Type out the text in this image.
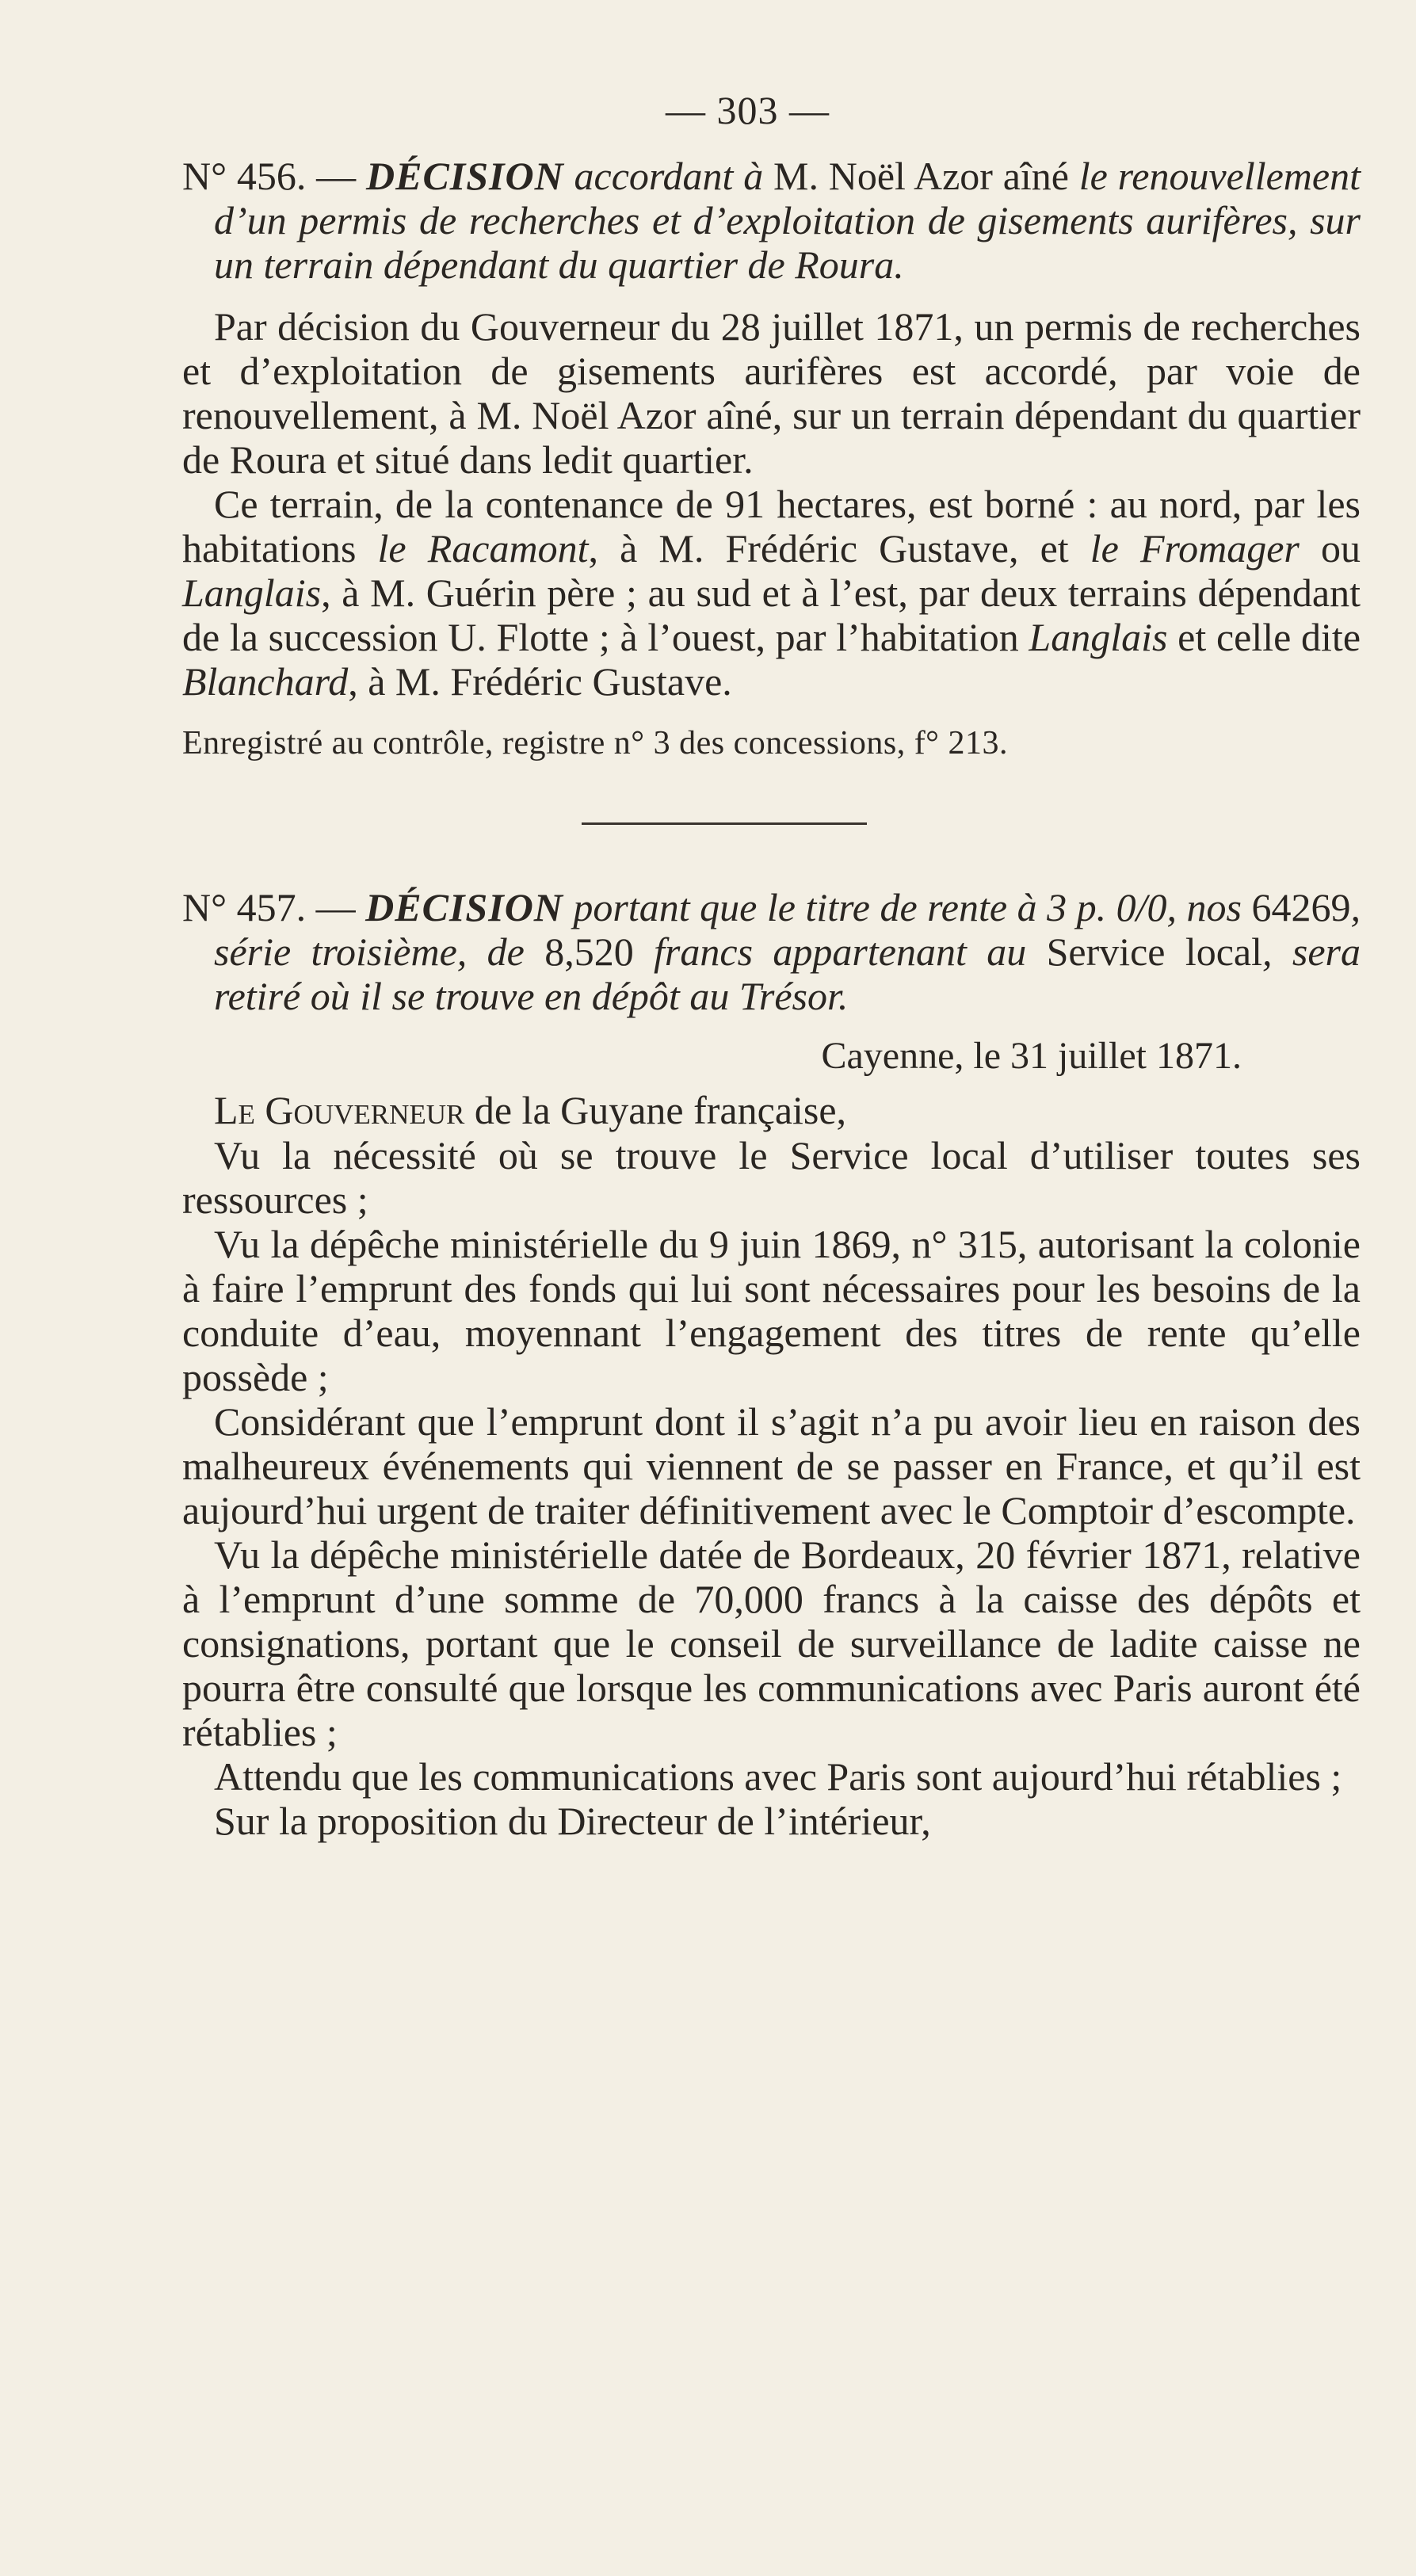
— 303 —

N° 456. — DÉCISION accordant à M. Noël Azor aîné le renouvellement d’un permis de recherches et d’exploitation de gisements aurifères, sur un terrain dépendant du quartier de Roura.

Par décision du Gouverneur du 28 juillet 1871, un permis de recherches et d’exploitation de gisements aurifères est accordé, par voie de renouvellement, à M. Noël Azor aîné, sur un terrain dépendant du quartier de Roura et situé dans ledit quartier.

Ce terrain, de la contenance de 91 hectares, est borné : au nord, par les habitations le Racamont, à M. Frédéric Gustave, et le Fromager ou Langlais, à M. Guérin père ; au sud et à l’est, par deux terrains dépendant de la succession U. Flotte ; à l’ouest, par l’habitation Langlais et celle dite Blanchard, à M. Frédéric Gustave.

Enregistré au contrôle, registre n° 3 des concessions, f° 213.

N° 457. — DÉCISION portant que le titre de rente à 3 p. 0/0, nos 64269, série troisième, de 8,520 francs appartenant au Service local, sera retiré où il se trouve en dépôt au Trésor.

Cayenne, le 31 juillet 1871.

Le Gouverneur de la Guyane française,

Vu la nécessité où se trouve le Service local d’utiliser toutes ses ressources ;

Vu la dépêche ministérielle du 9 juin 1869, n° 315, autorisant la colonie à faire l’emprunt des fonds qui lui sont nécessaires pour les besoins de la conduite d’eau, moyennant l’engagement des titres de rente qu’elle possède ;

Considérant que l’emprunt dont il s’agit n’a pu avoir lieu en raison des malheureux événements qui viennent de se passer en France, et qu’il est aujourd’hui urgent de traiter définitivement avec le Comptoir d’escompte.

Vu la dépêche ministérielle datée de Bordeaux, 20 février 1871, relative à l’emprunt d’une somme de 70,000 francs à la caisse des dépôts et consignations, portant que le conseil de surveillance de ladite caisse ne pourra être consulté que lorsque les communications avec Paris auront été rétablies ;

Attendu que les communications avec Paris sont aujourd’hui rétablies ;

Sur la proposition du Directeur de l’intérieur,
